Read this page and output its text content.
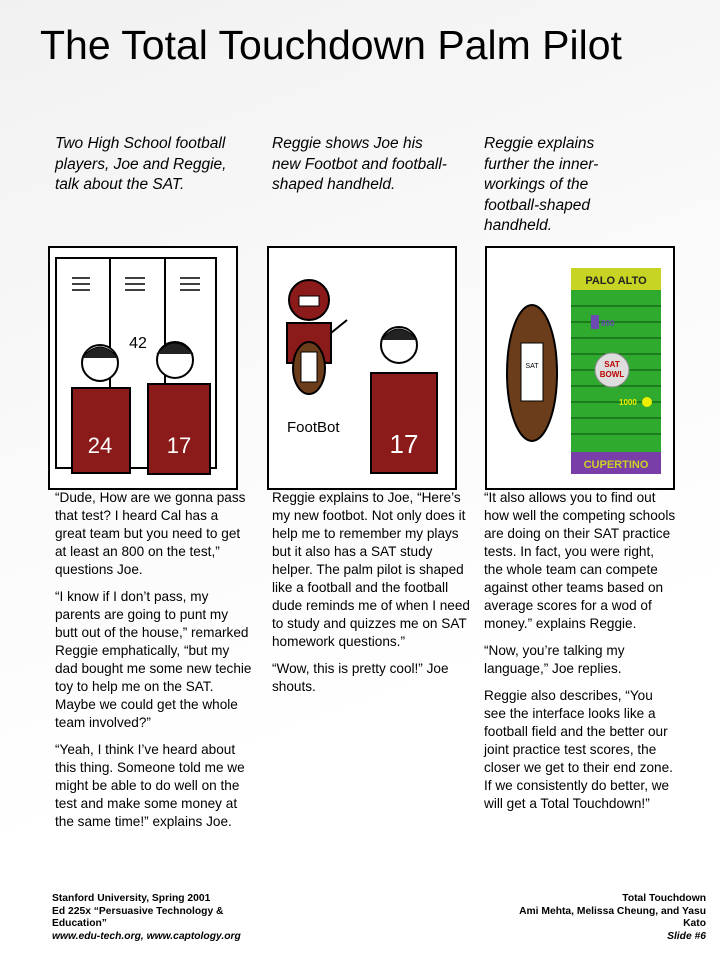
The Total Touchdown Palm Pilot
Two High School football players, Joe and Reggie, talk about the SAT.
Reggie shows Joe his new Footbot and football-shaped handheld.
Reggie explains further the inner-workings of the football-shaped handheld.
42
24 17
FootBot
17
SAT
PALO ALTO
800
SAT
BOWL
1000
CUPERTINO

“Dude, How are we gonna pass that test? I heard Cal has a great team but you need to get at least an 800 on the test,” questions Joe.

“I know if I don’t pass, my parents are going to punt my butt out of the house,” remarked Reggie emphatically, “but my dad bought me some new techie toy to help me on the SAT. Maybe we could get the whole team involved?”

“Yeah, I think I’ve heard about this thing. Someone told me we might be able to do well on the test and make some money at the same time!” explains Joe.

Reggie explains to Joe, “Here’s my new footbot. Not only does it help me to remember my plays but it also has a SAT study helper. The palm pilot is shaped like a football and the football dude reminds me of when I need to study and quizzes me on SAT homework questions.”

“Wow, this is pretty cool!” Joe shouts.

“It also allows you to find out how well the competing schools are doing on their SAT practice tests. In fact, you were right, the whole team can compete against other teams based on average scores for a wod of money.” explains Reggie.

“Now, you’re talking my language,” Joe replies.

Reggie also describes, “You see the interface looks like a football field and the better our joint practice test scores, the closer we get to their end zone. If we consistently do better, we will get a Total Touchdown!”

Stanford University, Spring 2001
Ed 225x “Persuasive Technology & Education”
www.edu-tech.org, www.captology.org
Total Touchdown
Ami Mehta, Melissa Cheung, and Yasu Kato
Slide #6
